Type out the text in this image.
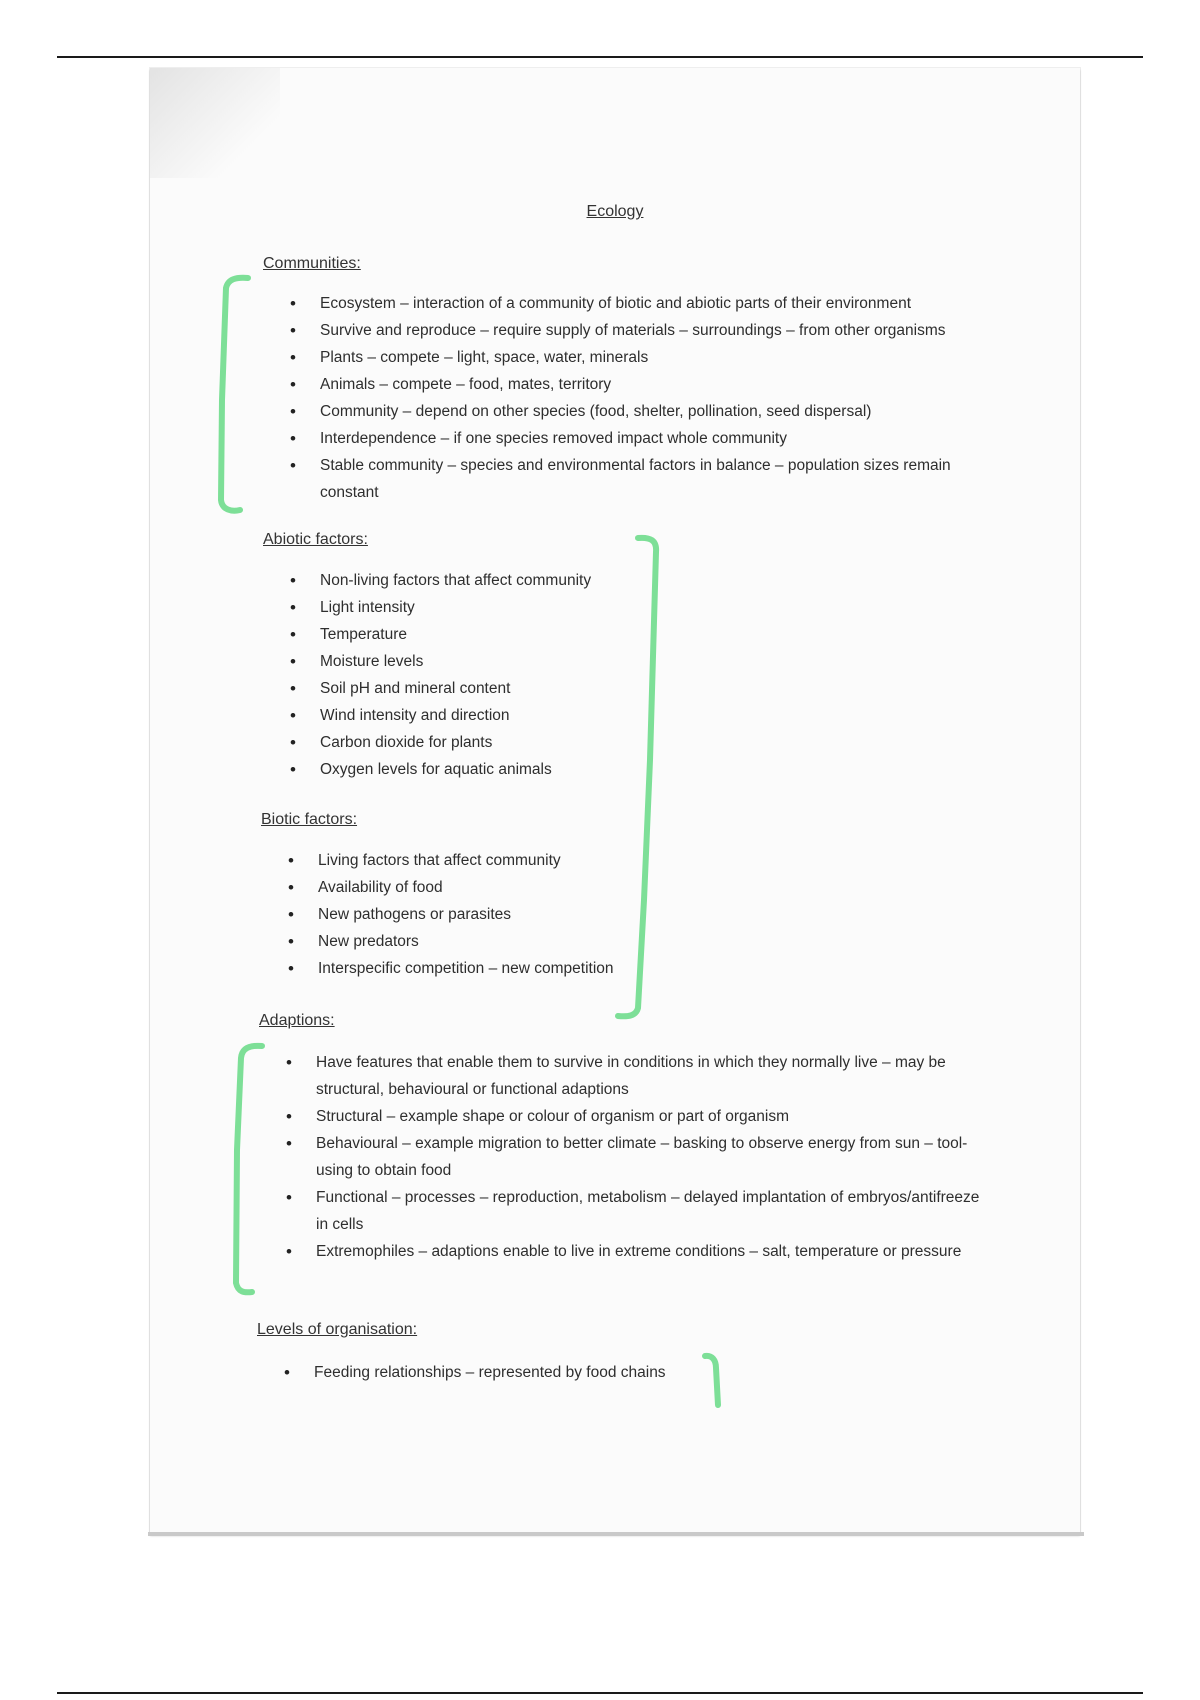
Ecology
Communities:
• Ecosystem – interaction of a community of biotic and abiotic parts of their environment
• Survive and reproduce – require supply of materials – surroundings – from other organisms
• Plants – compete – light, space, water, minerals
• Animals – compete – food, mates, territory
• Community – depend on other species (food, shelter, pollination, seed dispersal)
• Interdependence – if one species removed impact whole community
• Stable community – species and environmental factors in balance – population sizes remain constant
Abiotic factors:
• Non-living factors that affect community
• Light intensity
• Temperature
• Moisture levels
• Soil pH and mineral content
• Wind intensity and direction
• Carbon dioxide for plants
• Oxygen levels for aquatic animals
Biotic factors:
• Living factors that affect community
• Availability of food
• New pathogens or parasites
• New predators
• Interspecific competition – new competition
Adaptions:
• Have features that enable them to survive in conditions in which they normally live – may be structural, behavioural or functional adaptions
• Structural – example shape or colour of organism or part of organism
• Behavioural – example migration to better climate – basking to observe energy from sun – tool-using to obtain food
• Functional – processes – reproduction, metabolism – delayed implantation of embryos/antifreeze in cells
• Extremophiles – adaptions enable to live in extreme conditions – salt, temperature or pressure
Levels of organisation:
• Feeding relationships – represented by food chains
